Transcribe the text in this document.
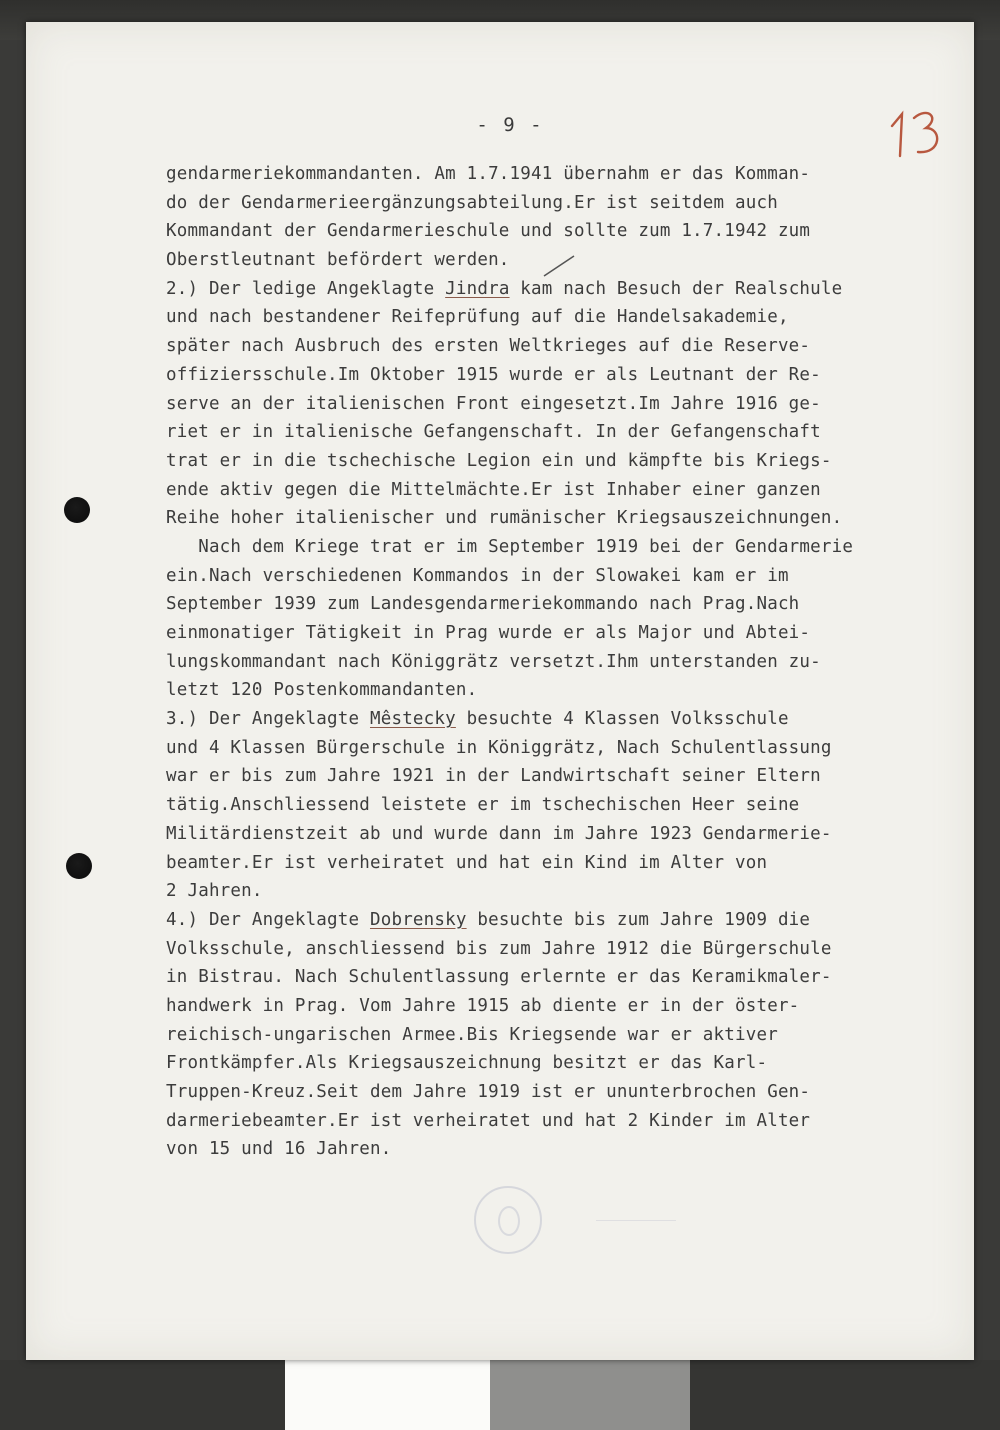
- 9 -
gendarmeriekommandanten. Am 1.7.1941 übernahm er das Komman-
do der Gendarmerieergänzungsabteilung.Er ist seitdem auch
Kommandant der Gendarmerieschule und sollte zum 1.7.1942 zum
Oberstleutnant befördert werden.
2.) Der ledige Angeklagte Jindra kam nach Besuch der Realschule
und nach bestandener Reifeprüfung auf die Handelsakademie,
später nach Ausbruch des ersten Weltkrieges auf die Reserve-
offiziersschule.Im Oktober 1915 wurde er als Leutnant der Re-
serve an der italienischen Front eingesetzt.Im Jahre 1916 ge-
riet er in italienische Gefangenschaft. In der Gefangenschaft
trat er in die tschechische Legion ein und kämpfte bis Kriegs-
ende aktiv gegen die Mittelmächte.Er ist Inhaber einer ganzen
Reihe hoher italienischer und rumänischer Kriegsauszeichnungen.
Nach dem Kriege trat er im September 1919 bei der Gendarmerie
ein.Nach verschiedenen Kommandos in der Slowakei kam er im
September 1939 zum Landesgendarmeriekommando nach Prag.Nach
einmonatiger Tätigkeit in Prag wurde er als Major und Abtei-
lungskommandant nach Königgrätz versetzt.Ihm unterstanden zu-
letzt 120 Postenkommandanten.
3.) Der Angeklagte Mêstecky besuchte 4 Klassen Volksschule
und 4 Klassen Bürgerschule in Königgrätz, Nach Schulentlassung
war er bis zum Jahre 1921 in der Landwirtschaft seiner Eltern
tätig.Anschliessend leistete er im tschechischen Heer seine
Militärdienstzeit ab und wurde dann im Jahre 1923 Gendarmerie-
beamter.Er ist verheiratet und hat ein Kind im Alter von
2 Jahren.
4.) Der Angeklagte Dobrensky besuchte bis zum Jahre 1909 die
Volksschule, anschliessend bis zum Jahre 1912 die Bürgerschule
in Bistrau. Nach Schulentlassung erlernte er das Keramikmaler-
handwerk in Prag. Vom Jahre 1915 ab diente er in der öster-
reichisch-ungarischen Armee.Bis Kriegsende war er aktiver
Frontkämpfer.Als Kriegsauszeichnung besitzt er das Karl-
Truppen-Kreuz.Seit dem Jahre 1919 ist er ununterbrochen Gen-
darmeriebeamter.Er ist verheiratet und hat 2 Kinder im Alter
von 15 und 16 Jahren.
